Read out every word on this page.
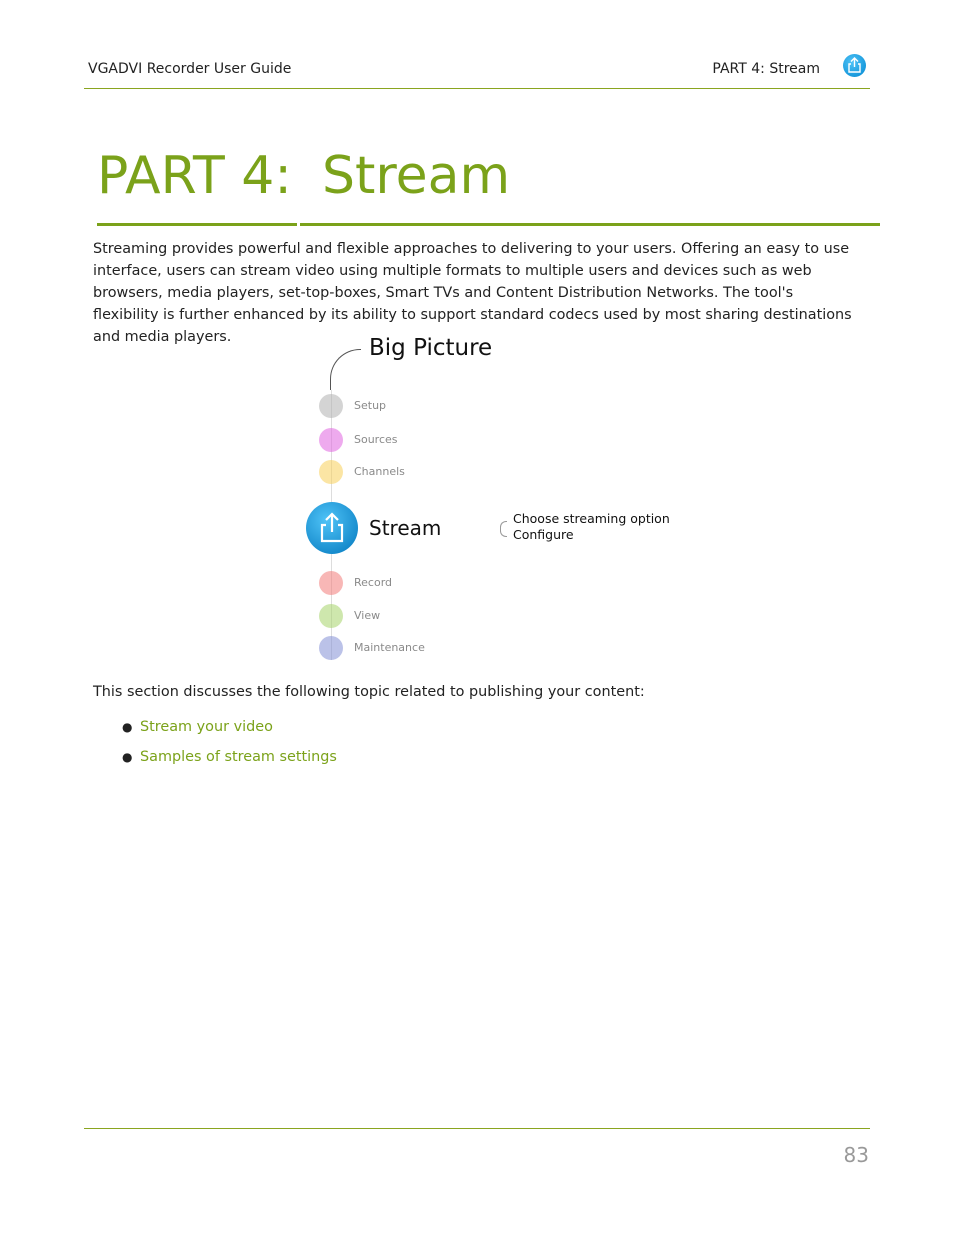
VGADVI Recorder User Guide	PART 4: Stream
PART 4: Stream
Streaming provides powerful and flexible approaches to delivering to your users. Offering an easy to use interface, users can stream video using multiple formats to multiple users and devices such as web browsers, media players, set-top-boxes, Smart TVs and Content Distribution Networks. The tool's flexibility is further enhanced by its ability to support standard codecs used by most sharing destinations and media players.	Big Picture
Setup
Sources
Channels
Stream	Choose streaming option
Configure
Record
View
Maintenance
This section discusses the following topic related to publishing your content:
● Stream your video
● Samples of stream settings
83
